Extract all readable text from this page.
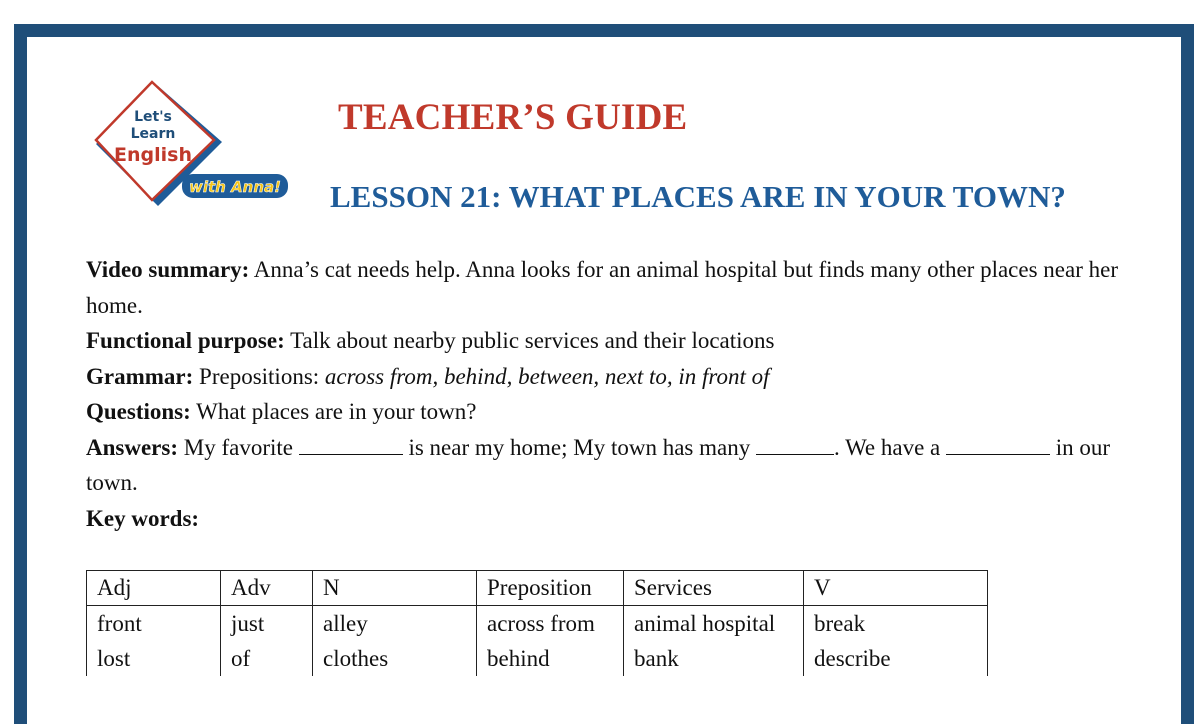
Let's
Learn
English
with Anna!
TEACHER’S GUIDE
LESSON 21: WHAT PLACES ARE IN YOUR TOWN?

Video summary: Anna’s cat needs help. Anna looks for an animal hospital but finds many other places near her home.

Functional purpose: Talk about nearby public services and their locations

Grammar: Prepositions: across from, behind, between, next to, in front of

Questions: What places are in your town?

Answers: My favorite	is near my home; My town has many	. We have a	in our town.

Key words:

Adj	Adv	N	Preposition	Services	V
front	just	alley	across from	animal hospital	break
lost	of	clothes	behind	bank	describe
